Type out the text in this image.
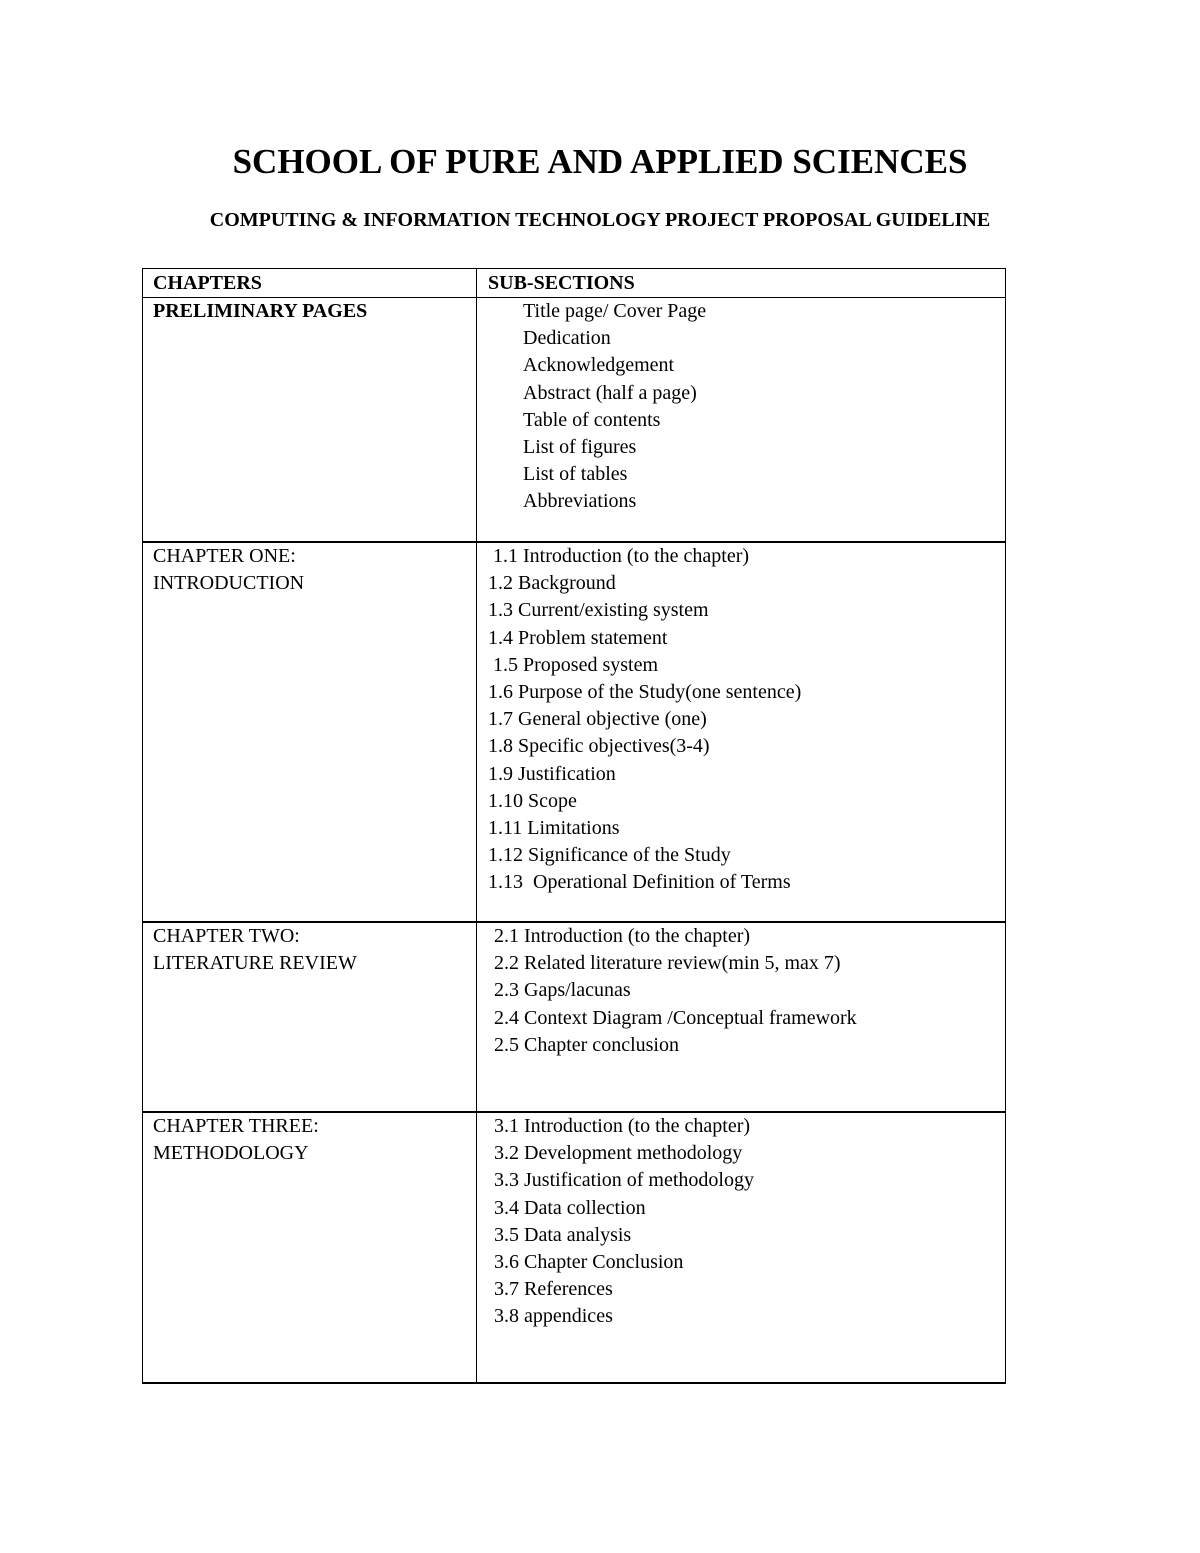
SCHOOL OF PURE AND APPLIED SCIENCES
COMPUTING & INFORMATION TECHNOLOGY PROJECT PROPOSAL GUIDELINE
CHAPTERS	SUB-SECTIONS
PRELIMINARY PAGES	Title page/ Cover Page
Dedication
Acknowledgement
Abstract (half a page)
Table of contents
List of figures
List of tables
Abbreviations
CHAPTER ONE:
INTRODUCTION
1.1 Introduction (to the chapter)
1.2 Background
1.3 Current/existing system
1.4 Problem statement
1.5 Proposed system
1.6 Purpose of the Study(one sentence)
1.7 General objective (one)
1.8 Specific objectives(3-4)
1.9 Justification
1.10 Scope
1.11 Limitations
1.12 Significance of the Study
1.13  Operational Definition of Terms
CHAPTER TWO:
LITERATURE REVIEW
2.1 Introduction (to the chapter)
2.2 Related literature review(min 5, max 7)
2.3 Gaps/lacunas
2.4 Context Diagram /Conceptual framework
2.5 Chapter conclusion
CHAPTER THREE:
METHODOLOGY
3.1 Introduction (to the chapter)
3.2 Development methodology
3.3 Justification of methodology
3.4 Data collection
3.5 Data analysis
3.6 Chapter Conclusion
3.7 References
3.8 appendices
